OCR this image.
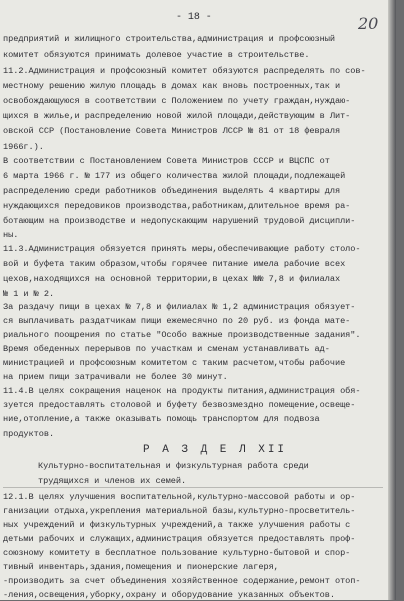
- 18 -	20
предприятий и жилищного строительства,администрация и профсоюзный
комитет обязуются принимать долевое участие в строительстве.
11.2.Администрация и профсоюзный комитет обязуются распределять по сов-
местному решению жилую площадь в домах как вновь построенных,так и
освобождающуюся в соответствии с Положением по учету граждан,нуждаю-
щихся в жилье,и распределению новой жилой площади,действующим в Лит-
овской ССР (Постановление Совета Министров ЛССР № 81 от 18 февраля
1966г.).
В соответствии с Постановлением Совета Министров СССР и ВЦСПС от
6 марта 1966 г. № 177 из общего количества жилой площади,подлежащей
распределению среди работников объединения выделять 4 квартиры для
нуждающихся передовиков производства,работникам,длительное время ра-
ботающим на производстве и недопускающим нарушений трудовой дисципли-
ны.
11.3.Администрация обязуется принять меры,обеспечивающие работу столо-
вой и буфета таким образом,чтобы горячее питание имела рабочие всех
цехов,находящихся на основной территории,в цехах №№ 7,8 и филиалах
№ 1 и № 2.
За раздачу пищи в цехах № 7,8 и филиалах № 1,2 администрация обязует-
ся выплачивать раздатчикам пищи ежемесячно по 20 руб. из фонда мате-
риального поощрения по статье "Особо важные производственные задания".
Время обеденных перерывов по участкам и сменам устанавливать ад-
министрацией и профсоюзным комитетом с таким расчетом,чтобы рабочие
на прием пищи затрачивали не более 30 минут.
11.4.В целях сокращения наценок на продукты питания,администрация обя-
зуется предоставлять столовой и буфету безвозмездно помещение,освеще-
ние,отопление,а также оказывать помощь транспортом для подвоза
продуктов.
Культурно-воспитательная и физкультурная работа среди
трудящихся и членов их семей.
12.1.В целях улучшения воспитательной,культурно-массовой работы и ор-
ганизации отдыха,укрепления материальной базы,культурно-просветитель-
ных учреждений и физкультурных учреждений,а также улучшения работы с
детьми рабочих и служащих,администрация обязуется предоставлять проф-
союзному комитету в бесплатное пользование культурно-бытовой и спор-
тивный инвентарь,здания,помещения и пионерские лагеря,
-производить за счет объединения хозяйственное содержание,ремонт отоп-
-ления,освещения,уборку,охрану и оборудование указанных объектов.
Р А З Д Е Л XII
